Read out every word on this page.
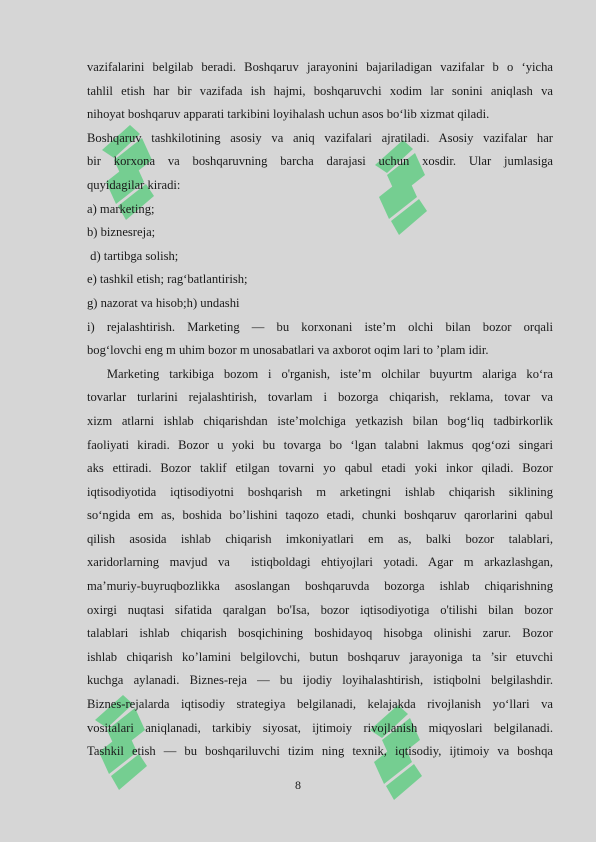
vazifalarini belgilab beradi. Boshqaruv jarayonini bajariladigan vazifalar b o ‘yicha

tahlil etish har bir vazifada ish hajmi, boshqaruvchi xodim lar sonini aniqlash va

nihoyat boshqaruv apparati tarkibini loyihalash uchun asos bo‘lib xizmat qiladi.

Boshqaruv tashkilotining asosiy va aniq vazifalari ajratiladi. Asosiy vazifalar har

bir korxona va boshqaruvning barcha darajasi uchun xosdir. Ular jumlasiga

quyidagilar kiradi:

a) marketing;

b) biznesreja;

d) tartibga solish;

e) tashkil etish; rag‘batlantirish;

g) nazorat va hisob;h) undashi

i) rejalashtirish. Marketing — bu korxonani iste’m olchi bilan bozor orqali

bog‘lovchi eng m uhim bozor m unosabatlari va axborot oqim lari to ’plam idir.

Marketing tarkibiga bozom i o'rganish, iste’m olchilar buyurtm alariga ko‘ra

tovarlar turlarini rejalashtirish, tovarlam i bozorga chiqarish, reklama, tovar va

xizm atlarni ishlab chiqarishdan iste’molchiga yetkazish bilan bog‘liq tadbirkorlik

faoliyati kiradi. Bozor u yoki bu tovarga bo ‘lgan talabni lakmus qog‘ozi singari

aks ettiradi. Bozor taklif etilgan tovarni yo qabul etadi yoki inkor qiladi. Bozor

iqtisodiyotida iqtisodiyotni boshqarish m arketingni ishlab chiqarish siklining

so‘ngida em as, boshida bo’lishini taqozo etadi, chunki boshqaruv qarorlarini qabul

qilish asosida ishlab chiqarish imkoniyatlari em as, balki bozor talablari,

xaridorlarning mavjud va  istiqboldagi ehtiyojlari yotadi. Agar m arkazlashgan,

ma’muriy-buyruqbozlikka asoslangan boshqaruvda bozorga ishlab chiqarishning

oxirgi nuqtasi sifatida qaralgan bo'Isa, bozor iqtisodiyotiga o'tilishi bilan bozor

talablari ishlab chiqarish bosqichining boshidayoq hisobga olinishi zarur. Bozor

ishlab chiqarish ko’lamini belgilovchi, butun boshqaruv jarayoniga ta ’sir etuvchi

kuchga aylanadi. Biznes-reja — bu ijodiy loyihalashtirish, istiqbolni belgilashdir.

Biznes-rejalarda iqtisodiy strategiya belgilanadi, kelajakda rivojlanish yo‘llari va

vositalari aniqlanadi, tarkibiy siyosat, ijtimoiy rivojlanish miqyoslari belgilanadi.

Tashkil etish — bu boshqariluvchi tizim ning texnik, iqtisodiy, ijtimoiy va boshqa

8
